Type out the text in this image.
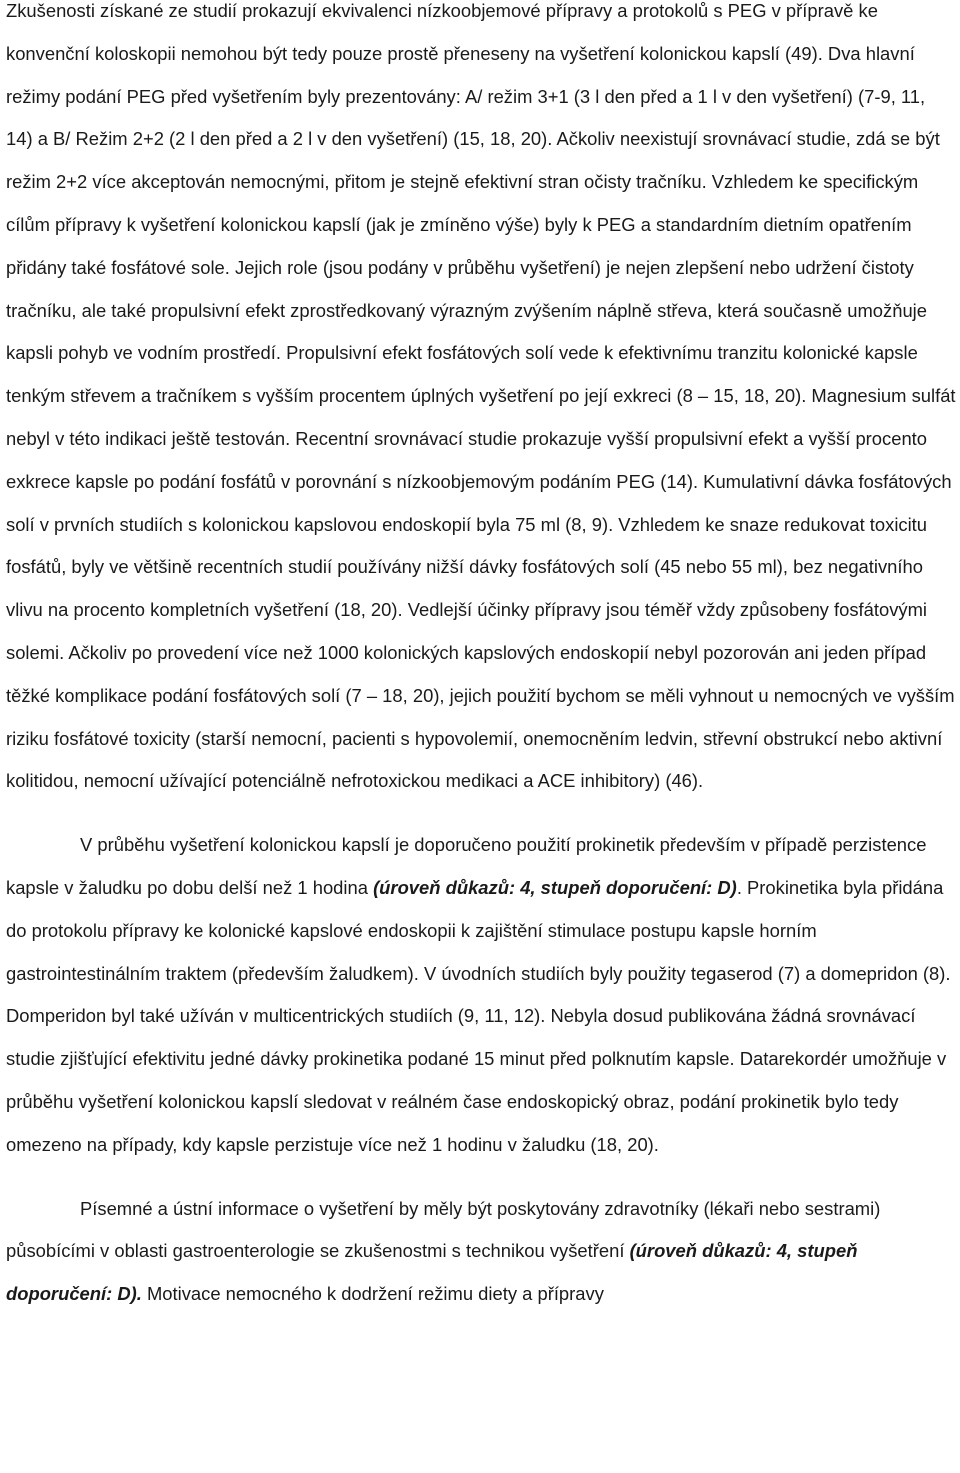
Zkušenosti získané ze studií prokazují ekvivalenci nízkoobjemové přípravy a protokolů s PEG v přípravě ke konvenční koloskopii nemohou být tedy pouze prostě přeneseny na vyšetření kolonickou kapslí (49). Dva hlavní režimy podání PEG před vyšetřením byly prezentovány: A/ režim 3+1 (3 l den před a 1 l v den vyšetření) (7-9, 11, 14) a B/ Režim 2+2 (2 l den před a 2 l v den vyšetření) (15, 18, 20). Ačkoliv neexistují srovnávací studie, zdá se být režim 2+2 více akceptován nemocnými, přitom je stejně efektivní stran očisty tračníku. Vzhledem ke specifickým cílům přípravy k vyšetření kolonickou kapslí (jak je zmíněno výše) byly k PEG a standardním dietním opatřením přidány také fosfátové sole. Jejich role (jsou podány v průběhu vyšetření) je nejen zlepšení nebo udržení čistoty tračníku, ale také propulsivní efekt zprostředkovaný výrazným zvýšením náplně střeva, která současně umožňuje kapsli pohyb ve vodním prostředí. Propulsivní efekt fosfátových solí vede k efektivnímu tranzitu kolonické kapsle tenkým střevem a tračníkem s vyšším procentem úplných vyšetření po její exkreci (8 – 15, 18, 20). Magnesium sulfát nebyl v této indikaci ještě testován. Recentní srovnávací studie prokazuje vyšší propulsivní efekt a vyšší procento exkrece kapsle po podání fosfátů v porovnání s nízkoobjemovým podáním PEG (14). Kumulativní dávka fosfátových solí v prvních studiích s kolonickou kapslovou endoskopií byla 75 ml (8, 9). Vzhledem ke snaze redukovat toxicitu fosfátů, byly ve většině recentních studií používány nižší dávky fosfátových solí (45 nebo 55 ml), bez negativního vlivu na procento kompletních vyšetření (18, 20). Vedlejší účinky přípravy jsou téměř vždy způsobeny fosfátovými solemi. Ačkoliv po provedení více než 1000 kolonických kapslových endoskopií nebyl pozorován ani jeden případ těžké komplikace podání fosfátových solí (7 – 18, 20), jejich použití bychom se měli vyhnout u nemocných ve vyšším riziku fosfátové toxicity (starší nemocní, pacienti s hypovolemií, onemocněním ledvin, střevní obstrukcí nebo aktivní kolitidou, nemocní užívající potenciálně nefrotoxickou medikaci a ACE inhibitory) (46).

V průběhu vyšetření kolonickou kapslí je doporučeno použití prokinetik především v případě perzistence kapsle v žaludku po dobu delší než 1 hodina (úroveň důkazů: 4, stupeň doporučení: D). Prokinetika byla přidána do protokolu přípravy ke kolonické kapslové endoskopii k zajištění stimulace postupu kapsle horním gastrointestinálním traktem (především žaludkem). V úvodních studiích byly použity tegaserod (7) a domepridon (8). Domperidon byl také užíván v multicentrických studiích (9, 11, 12). Nebyla dosud publikována žádná srovnávací studie zjišťující efektivitu jedné dávky prokinetika podané 15 minut před polknutím kapsle. Datarekordér umožňuje v průběhu vyšetření kolonickou kapslí sledovat v reálném čase endoskopický obraz, podání prokinetik bylo tedy omezeno na případy, kdy kapsle perzistuje více než 1 hodinu v žaludku (18, 20).

Písemné a ústní informace o vyšetření by měly být poskytovány zdravotníky (lékaři nebo sestrami) působícími v oblasti gastroenterologie se zkušenostmi s technikou vyšetření (úroveň důkazů: 4, stupeň doporučení: D). Motivace nemocného k dodržení režimu diety a přípravy
